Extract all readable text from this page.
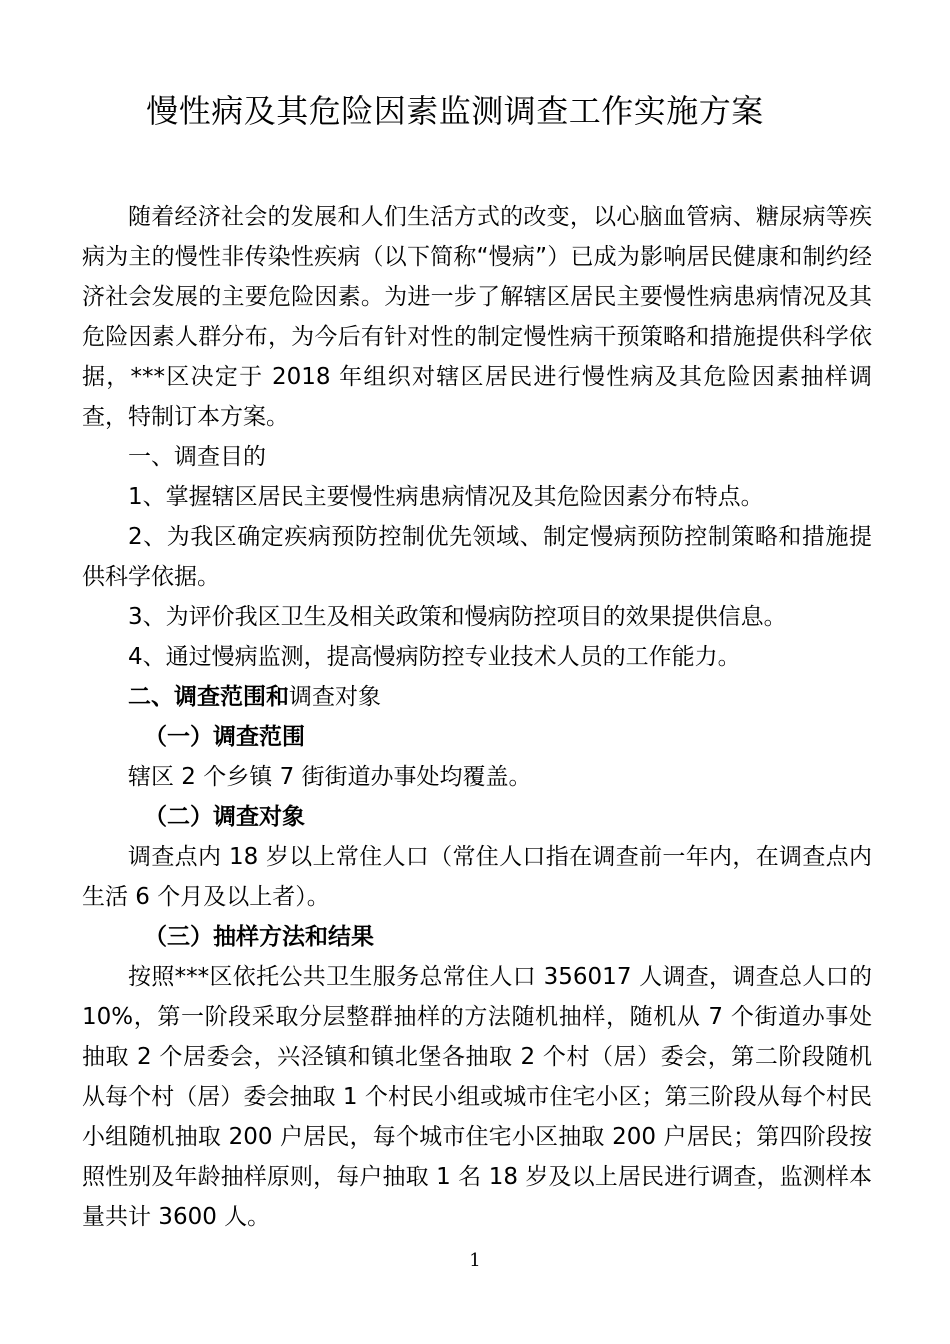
慢性病及其危险因素监测调查工作实施方案

随着经济社会的发展和人们生活方式的改变，以心脑血管病、糖尿病等疾病为主的慢性非传染性疾病（以下简称“慢病”）已成为影响居民健康和制约经济社会发展的主要危险因素。为进一步了解辖区居民主要慢性病患病情况及其危险因素人群分布，为今后有针对性的制定慢性病干预策略和措施提供科学依据，***区决定于 2018 年组织对辖区居民进行慢性病及其危险因素抽样调查，特制订本方案。

一、调查目的

1、掌握辖区居民主要慢性病患病情况及其危险因素分布特点。

2、为我区确定疾病预防控制优先领域、制定慢病预防控制策略和措施提供科学依据。

3、为评价我区卫生及相关政策和慢病防控项目的效果提供信息。

4、通过慢病监测，提高慢病防控专业技术人员的工作能力。

二、调查范围和调查对象

（一）调查范围

辖区 2 个乡镇 7 街街道办事处均覆盖。

（二）调查对象

调查点内 18 岁以上常住人口（常住人口指在调查前一年内，在调查点内生活 6 个月及以上者）。

（三）抽样方法和结果

按照***区依托公共卫生服务总常住人口 356017 人调查，调查总人口的 10%，第一阶段采取分层整群抽样的方法随机抽样，随机从 7 个街道办事处抽取 2 个居委会，兴泾镇和镇北堡各抽取 2 个村（居）委会，第二阶段随机从每个村（居）委会抽取 1 个村民小组或城市住宅小区；第三阶段从每个村民小组随机抽取 200 户居民，每个城市住宅小区抽取 200 户居民；第四阶段按照性别及年龄抽样原则，每户抽取 1 名 18 岁及以上居民进行调查，监测样本量共计 3600 人。

1
